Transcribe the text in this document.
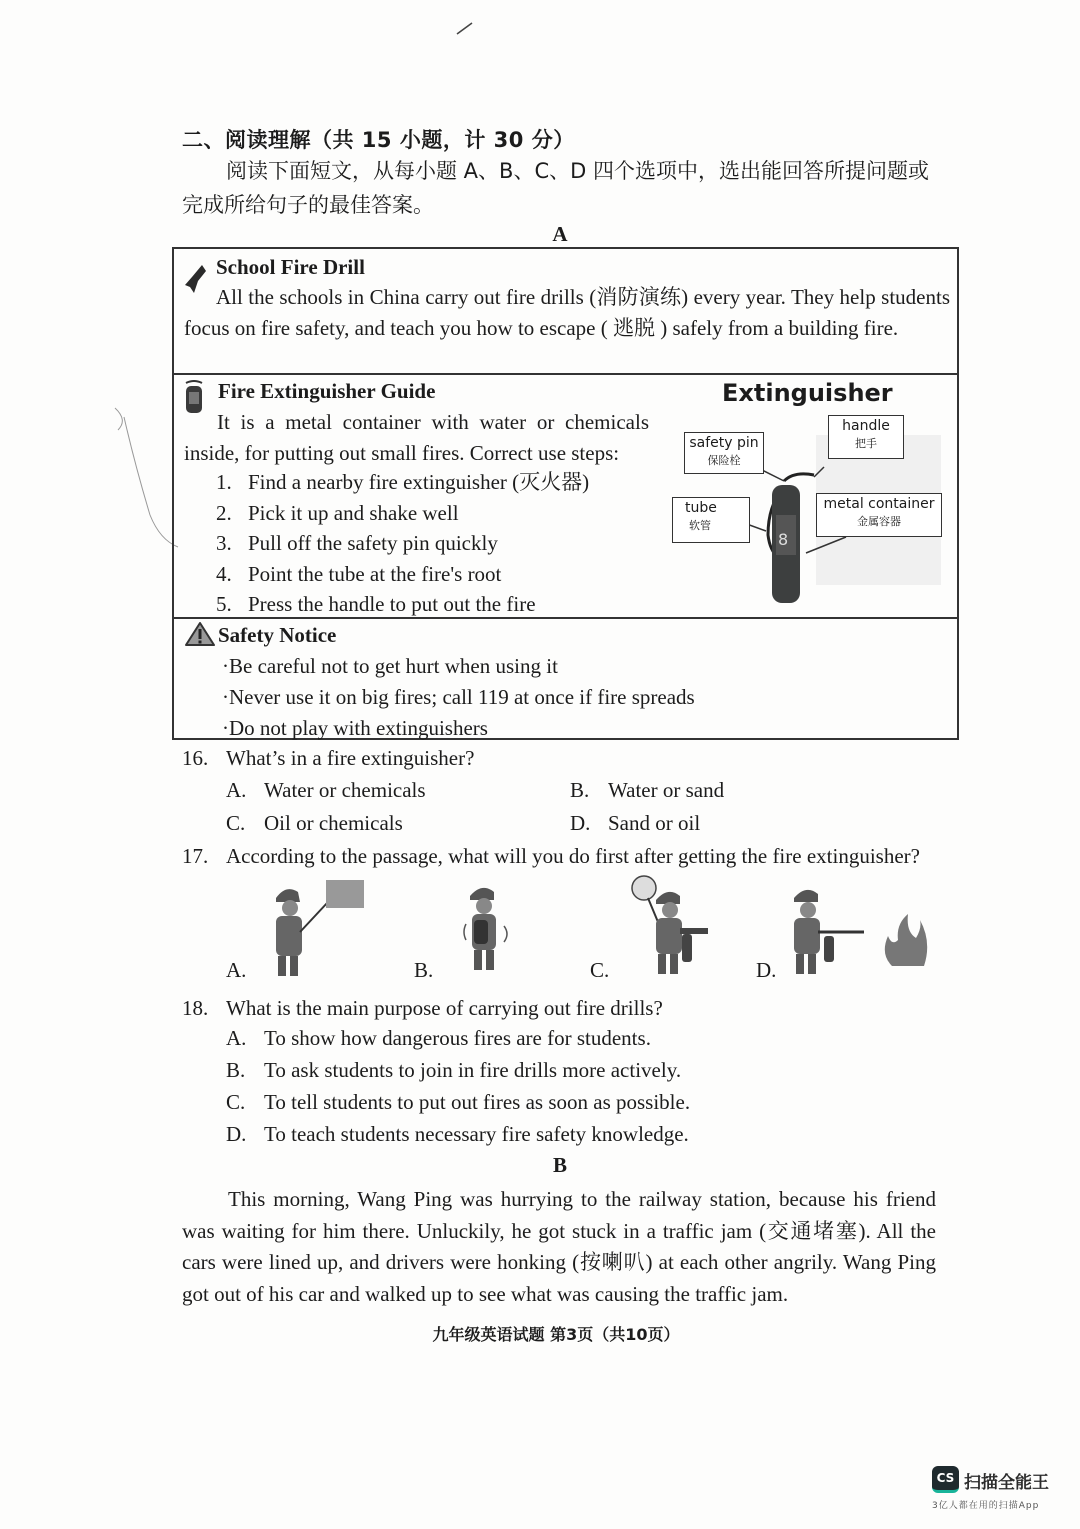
二、阅读理解（共 15 小题，计 30 分）
阅读下面短文，从每小题 A、B、C、D 四个选项中，选出能回答所提问题或完成所给句子的最佳答案。
A
School Fire Drill
All the schools in China carry out fire drills (消防演练) every year. They help students focus on fire safety, and teach you how to escape ( 逃脱 ) safely from a building fire.
Fire Extinguisher Guide
It is a metal container with water or chemicals inside, for putting out small fires. Correct use steps:
1. Find a nearby fire extinguisher (灭火器)
2. Pick it up and shake well
3. Pull off the safety pin quickly
4. Point the tube at the fire's root
5. Press the handle to put out the fire
Extinguisher
8
safety pin
保险栓
handle
把手
tube
软管
metal container
金属容器
Safety Notice
·Be careful not to get hurt when using it
·Never use it on big fires; call 119 at once if fire spreads
·Do not play with extinguishers
16. What’s in a fire extinguisher?
A. Water or chemicals	B. Water or sand
C. Oil or chemicals	D. Sand or oil
17. According to the passage, what will you do first after getting the fire extinguisher?
A.	B.	C.	D.
18. What is the main purpose of carrying out fire drills?
A. To show how dangerous fires are for students.
B. To ask students to join in fire drills more actively.
C. To tell students to put out fires as soon as possible.
D. To teach students necessary fire safety knowledge.
B
This morning, Wang Ping was hurrying to the railway station, because his friend was waiting for him there. Unluckily, he got stuck in a traffic jam (交通堵塞). All the cars were lined up, and drivers were honking (按喇叭) at each other angrily. Wang Ping got out of his car and walked up to see what was causing the traffic jam.
九年级英语试题 第3页（共10页）
CS 扫描全能王
3亿人都在用的扫描App
